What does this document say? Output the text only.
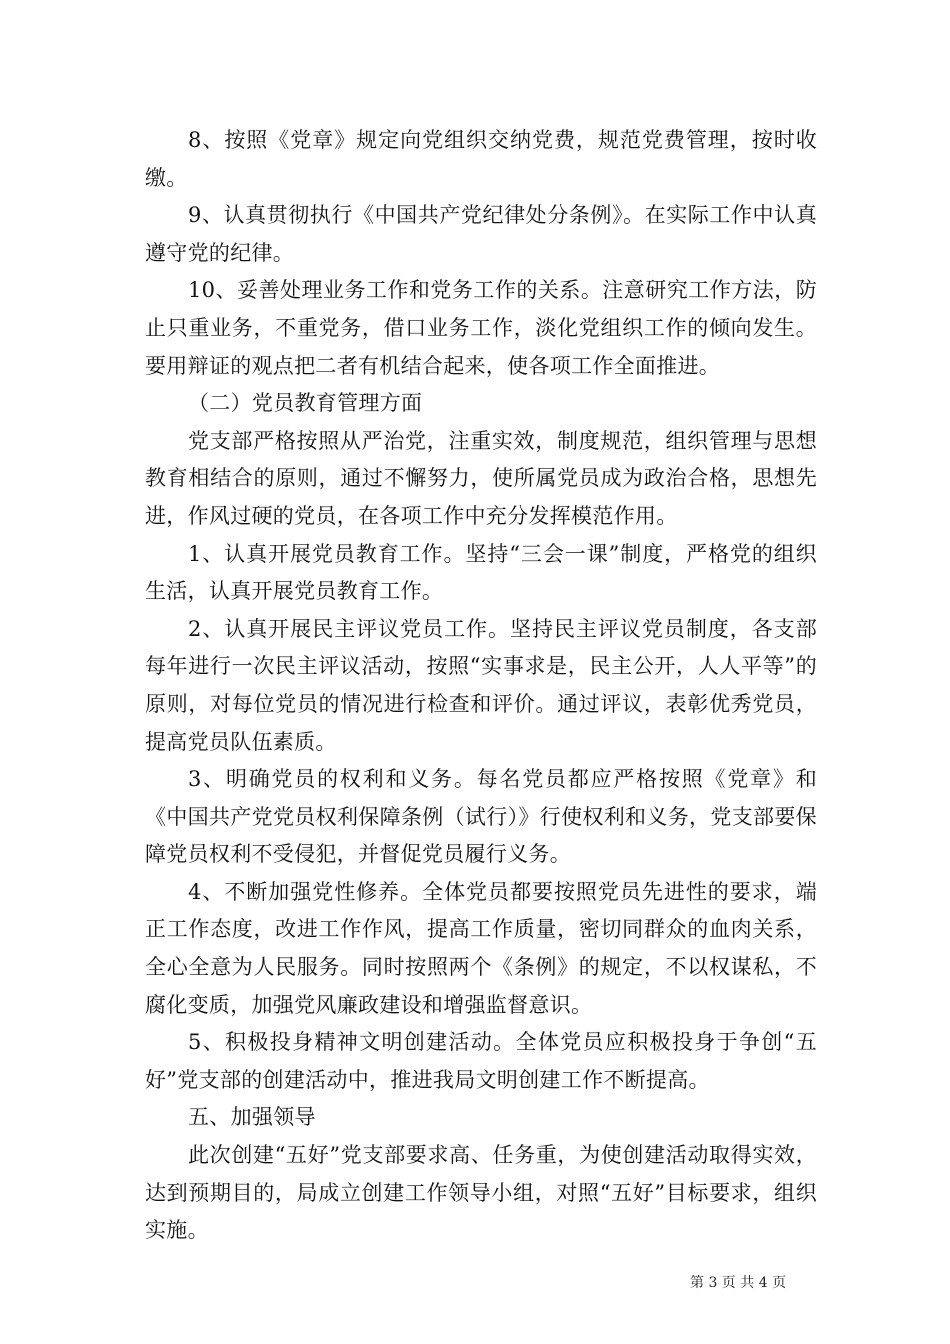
8、按照《党章》规定向党组织交纳党费，规范党费管理，按时收缴。

9、认真贯彻执行《中国共产党纪律处分条例》。在实际工作中认真遵守党的纪律。

10、妥善处理业务工作和党务工作的关系。注意研究工作方法，防止只重业务，不重党务，借口业务工作，淡化党组织工作的倾向发生。要用辩证的观点把二者有机结合起来，使各项工作全面推进。

（二）党员教育管理方面

党支部严格按照从严治党，注重实效，制度规范，组织管理与思想教育相结合的原则，通过不懈努力，使所属党员成为政治合格，思想先进，作风过硬的党员，在各项工作中充分发挥模范作用。

1、认真开展党员教育工作。坚持“三会一课”制度，严格党的组织生活，认真开展党员教育工作。

2、认真开展民主评议党员工作。坚持民主评议党员制度，各支部每年进行一次民主评议活动，按照“实事求是，民主公开，人人平等”的原则，对每位党员的情况进行检查和评价。通过评议，表彰优秀党员，提高党员队伍素质。

3、明确党员的权利和义务。每名党员都应严格按照《党章》和《中国共产党党员权利保障条例（试行）》行使权利和义务，党支部要保障党员权利不受侵犯，并督促党员履行义务。

4、不断加强党性修养。全体党员都要按照党员先进性的要求，端正工作态度，改进工作作风，提高工作质量，密切同群众的血肉关系，全心全意为人民服务。同时按照两个《条例》的规定，不以权谋私，不腐化变质，加强党风廉政建设和增强监督意识。

5、积极投身精神文明创建活动。全体党员应积极投身于争创“五好”党支部的创建活动中，推进我局文明创建工作不断提高。

五、加强领导

此次创建“五好”党支部要求高、任务重，为使创建活动取得实效，达到预期目的，局成立创建工作领导小组，对照“五好”目标要求，组织实施。

第 3 页 共 4 页
